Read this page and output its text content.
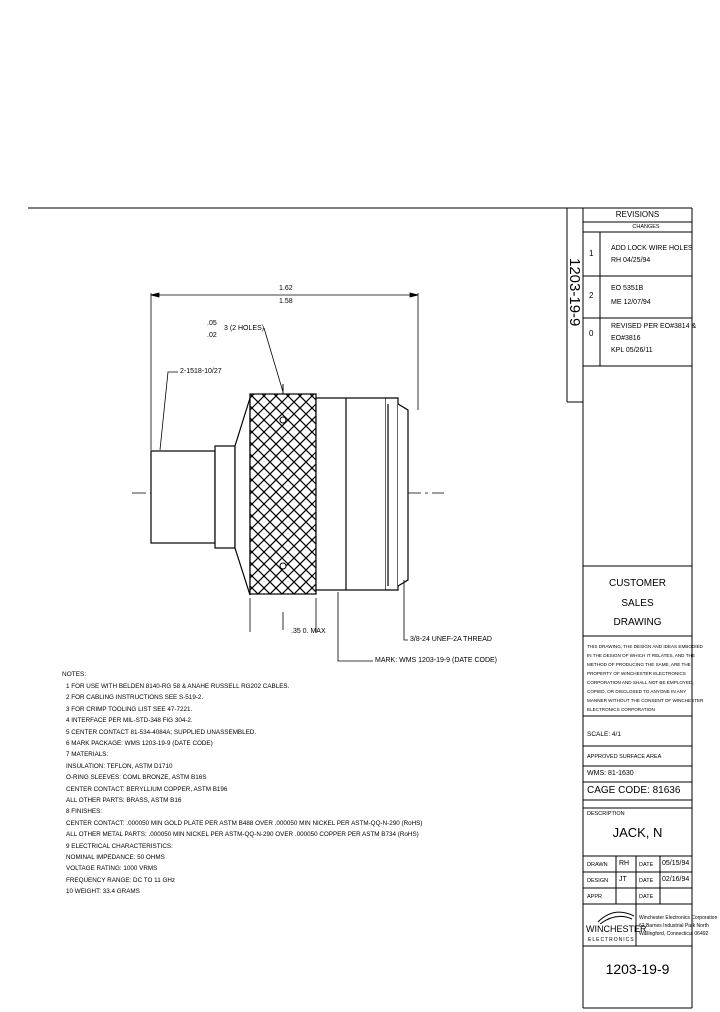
1203-19-9
REVISIONS
CHANGES
1
ADD LOCK WIRE HOLES
RH 04/25/94
2
EO 5351B
ME 12/07/94
0
REVISED PER EO#3814 &
EO#3816
KPL 05/26/11
1.62
1.58
.05
.02
3 (2 HOLES)
2-1518-10/27
.35 0. MAX
3/8-24 UNEF-2A THREAD
MARK: WMS 1203-19-9 (DATE CODE)
NOTES:
1 FOR USE WITH BELDEN 8140-RG 58 & ANAHE RUSSELL RG202 CABLES.
2 FOR CABLING INSTRUCTIONS SEE S-519-2.
3 FOR CRIMP TOOLING LIST SEE 47-7221.
4 INTERFACE PER MIL-STD-348 FIG 304-2.
5 CENTER CONTACT 81-534-4084A; SUPPLIED UNASSEMBLED.
6 MARK PACKAGE: WMS 1203-19-9 (DATE CODE)
7 MATERIALS:
INSULATION: TEFLON, ASTM D1710
O-RING SLEEVES: COML BRONZE, ASTM B16S
CENTER CONTACT: BERYLLIUM COPPER, ASTM B196
ALL OTHER PARTS: BRASS, ASTM B16
8 FINISHES:
CENTER CONTACT: .000050 MIN GOLD PLATE PER ASTM B488 OVER .000050 MIN NICKEL PER ASTM-QQ-N-290 (RoHS)
ALL OTHER METAL PARTS: .000050 MIN NICKEL PER ASTM-QQ-N-290 OVER .000050 COPPER PER ASTM B734 (RoHS)
9 ELECTRICAL CHARACTERISTICS:
NOMINAL IMPEDANCE: 50 OHMS
VOLTAGE RATING: 1000 VRMS
FREQUENCY RANGE: DC TO 11 GHz
10 WEIGHT: 33.4 GRAMS
CUSTOMER
SALES
DRAWING
THIS DRAWING, THE DESIGN AND IDEAS EMBODIED
IN THE DESIGN OF WHICH IT RELATES, AND THE
METHOD OF PRODUCING THE SAME, ARE THE
PROPERTY OF WINCHESTER ELECTRONICS
CORPORATION AND SHALL NOT BE EMPLOYED,
COPIED, OR DISCLOSED TO ANYONE IN ANY
MANNER WITHOUT THE CONSENT OF WINCHESTER
ELECTRONICS CORPORATION
SCALE: 4/1
APPROVED SURFACE AREA
WMS: 81-1630
CAGE CODE: 81636
DESCRIPTION
JACK, N
DRAWN RH DATE 05/15/94
DESIGN JT DATE 02/16/94
APPR	DATE
WINCHESTER
ELECTRONICS
Winchester Electronics Corporation
62 Barnes Industrial Park North
Wallingford, Connecticut 06492
1203-19-9
